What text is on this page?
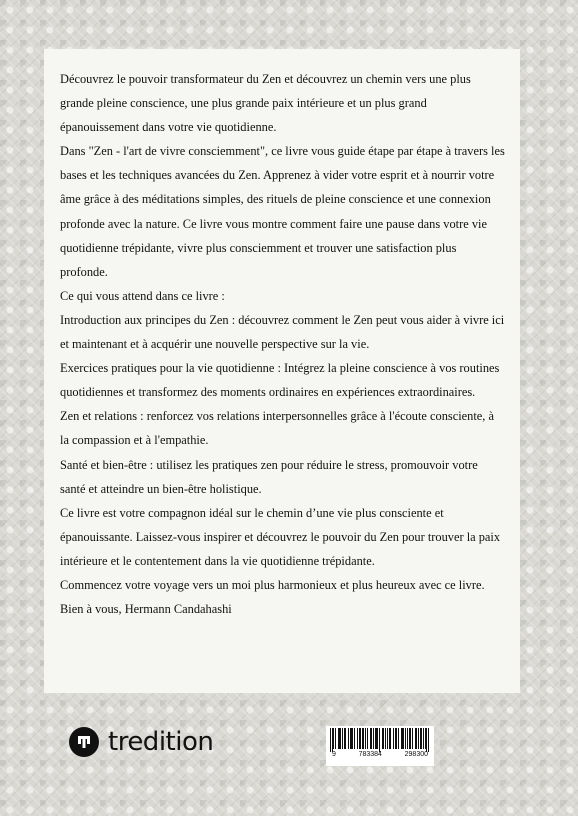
Découvrez le pouvoir transformateur du Zen et découvrez un chemin vers une plus grande pleine conscience, une plus grande paix intérieure et un plus grand épanouissement dans votre vie quotidienne.

Dans "Zen - l'art de vivre consciemment", ce livre vous guide étape par étape à travers les bases et les techniques avancées du Zen. Apprenez à vider votre esprit et à nourrir votre âme grâce à des méditations simples, des rituels de pleine conscience et une connexion profonde avec la nature. Ce livre vous montre comment faire une pause dans votre vie quotidienne trépidante, vivre plus consciemment et trouver une satisfaction plus profonde.

Ce qui vous attend dans ce livre :

Introduction aux principes du Zen : découvrez comment le Zen peut vous aider à vivre ici et maintenant et à acquérir une nouvelle perspective sur la vie.

Exercices pratiques pour la vie quotidienne : Intégrez la pleine conscience à vos routines quotidiennes et transformez des moments ordinaires en expériences extraordinaires.

Zen et relations : renforcez vos relations interpersonnelles grâce à l'écoute consciente, à la compassion et à l'empathie.

Santé et bien-être : utilisez les pratiques zen pour réduire le stress, promouvoir votre santé et atteindre un bien-être holistique.

Ce livre est votre compagnon idéal sur le chemin d’une vie plus consciente et épanouissante. Laissez-vous inspirer et découvrez le pouvoir du Zen pour trouver la paix intérieure et le contentement dans la vie quotidienne trépidante.

Commencez votre voyage vers un moi plus harmonieux et plus heureux avec ce livre.

Bien à vous, Hermann Candahashi

tredition	9	783384	298300
